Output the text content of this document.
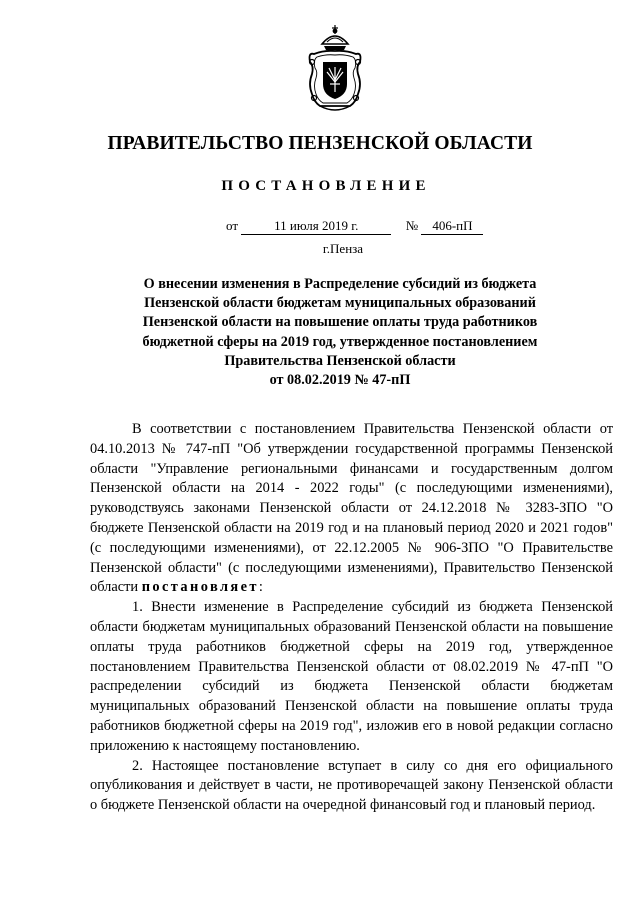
ПРАВИТЕЛЬСТВО ПЕНЗЕНСКОЙ ОБЛАСТИ
ПОСТАНОВЛЕНИЕ
от	11 июля 2019 г.	№ 406-пП
г.Пенза
О внесении изменения в Распределение субсидий из бюджета
Пензенской области бюджетам муниципальных образований
Пензенской области на повышение оплаты труда работников
бюджетной сферы на 2019 год, утвержденное постановлением
Правительства Пензенской области
от 08.02.2019 № 47-пП

В соответствии с постановлением Правительства Пензенской области от 04.10.2013 № 747-пП "Об утверждении государственной программы Пензенской области "Управление региональными финансами и государственным долгом Пензенской области на 2014 - 2022 годы" (с последующими изменениями), руководствуясь законами Пензенской области от 24.12.2018 № 3283-ЗПО "О бюджете Пензенской области на 2019 год и на плановый период 2020 и 2021 годов" (с последующими изменениями), от 22.12.2005 № 906-ЗПО "О Правительстве Пензенской области" (с последующими изменениями), Правительство Пензенской области постановляет:

1. Внести изменение в Распределение субсидий из бюджета Пензенской области бюджетам муниципальных образований Пензенской области на повышение оплаты труда работников бюджетной сферы на 2019 год, утвержденное постановлением Правительства Пензенской области от 08.02.2019 № 47-пП "О распределении субсидий из бюджета Пензенской области бюджетам муниципальных образований Пензенской области на повышение оплаты труда работников бюджетной сферы на 2019 год", изложив его в новой редакции согласно приложению к настоящему постановлению.

2. Настоящее постановление вступает в силу со дня его официального опубликования и действует в части, не противоречащей закону Пензенской области о бюджете Пензенской области на очередной финансовый год и плановый период.
